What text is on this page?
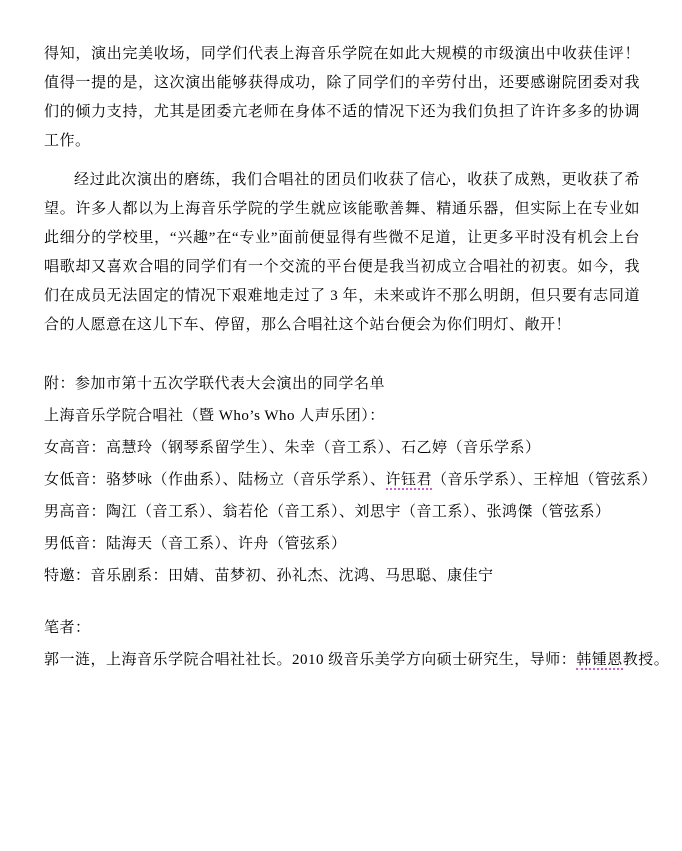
得知，演出完美收场，同学们代表上海音乐学院在如此大规模的市级演出中收获佳评！值得一提的是，这次演出能够获得成功，除了同学们的辛劳付出，还要感谢院团委对我们的倾力支持，尤其是团委亢老师在身体不适的情况下还为我们负担了许许多多的协调工作。

经过此次演出的磨练，我们合唱社的团员们收获了信心，收获了成熟，更收获了希望。许多人都以为上海音乐学院的学生就应该能歌善舞、精通乐器，但实际上在专业如此细分的学校里，“兴趣”在“专业”面前便显得有些微不足道，让更多平时没有机会上台唱歌却又喜欢合唱的同学们有一个交流的平台便是我当初成立合唱社的初衷。如今，我们在成员无法固定的情况下艰难地走过了 3 年，未来或许不那么明朗，但只要有志同道合的人愿意在这儿下车、停留，那么合唱社这个站台便会为你们明灯、敞开！

附：参加市第十五次学联代表大会演出的同学名单
上海音乐学院合唱社（暨 Who’s Who 人声乐团）：
女高音：高慧玲（钢琴系留学生）、朱幸（音工系）、石乙婷（音乐学系）
女低音：骆梦咏（作曲系）、陆杨立（音乐学系）、许钰君（音乐学系）、王梓旭（管弦系）
男高音：陶江（音工系）、翁若伦（音工系）、刘思宇（音工系）、张鸿傑（管弦系）
男低音：陆海天（音工系）、许舟（管弦系）
特邀：音乐剧系：田婧、苗梦初、孙礼杰、沈鸿、马思聪、康佳宁
笔者：
郭一涟，上海音乐学院合唱社社长。2010 级音乐美学方向硕士研究生，导师：韩锺恩教授。
